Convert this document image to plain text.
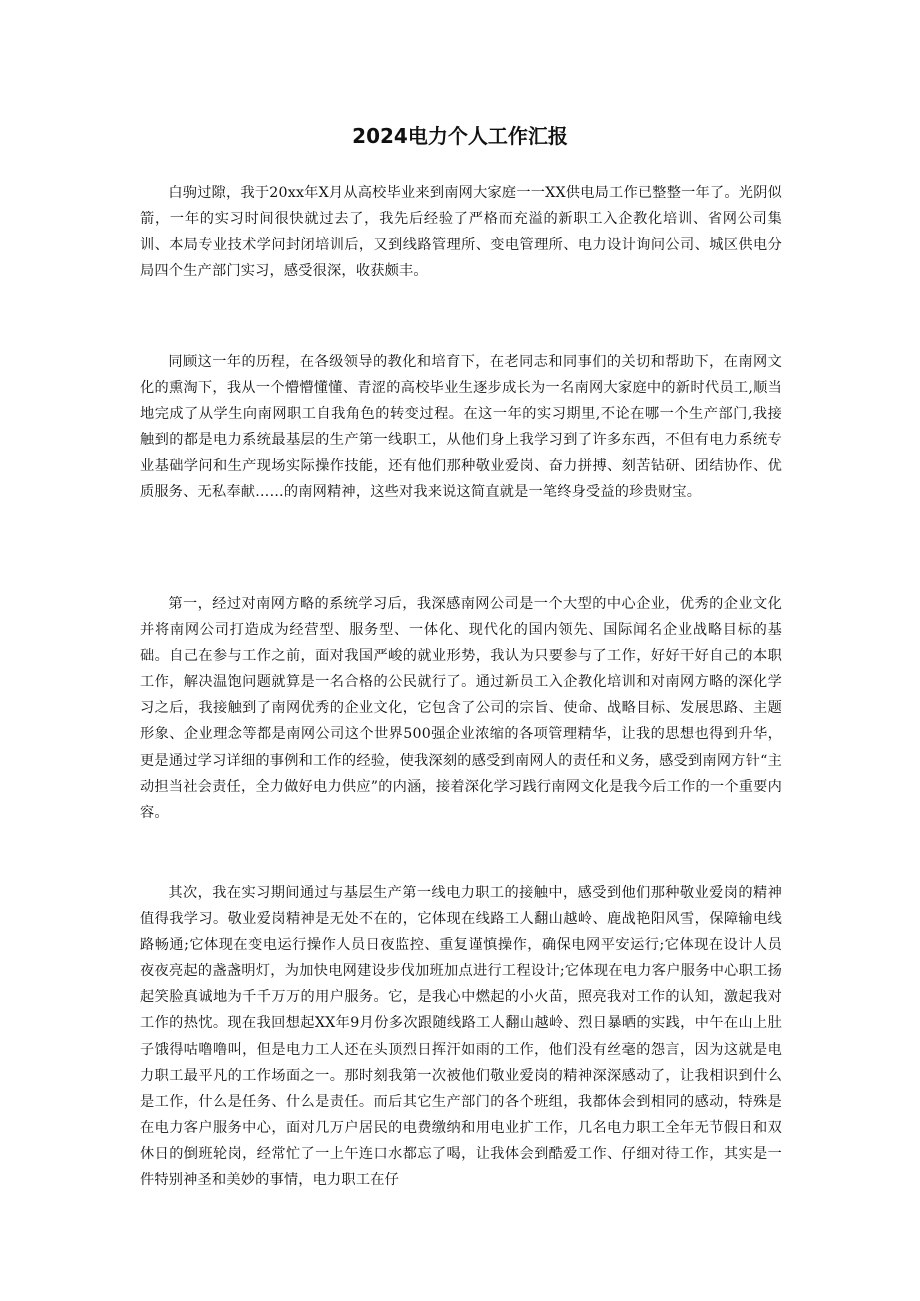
2024电力个人工作汇报

白驹过隙，我于20xx年X月从高校毕业来到南网大家庭一一XX供电局工作已整整一年了。光阴似箭，一年的实习时间很快就过去了，我先后经验了严格而充溢的新职工入企教化培训、省网公司集训、本局专业技术学问封闭培训后，又到线路管理所、变电管理所、电力设计询问公司、城区供电分局四个生产部门实习，感受很深，收获颇丰。

同顾这一年的历程，在各级领导的教化和培育下，在老同志和同事们的关切和帮助下，在南网文化的熏淘下，我从一个懵懵懂懂、青涩的高校毕业生逐步成长为一名南网大家庭中的新时代员工,顺当地完成了从学生向南网职工自我角色的转变过程。在这一年的实习期里,不论在哪一个生产部门,我接触到的都是电力系统最基层的生产第一线职工，从他们身上我学习到了许多东西，不但有电力系统专业基础学问和生产现场实际操作技能，还有他们那种敬业爱岗、奋力拼搏、刻苦钻研、团结协作、优质服务、无私奉献……的南网精神，这些对我来说这简直就是一笔终身受益的珍贵财宝。

第一，经过对南网方略的系统学习后，我深感南网公司是一个大型的中心企业，优秀的企业文化并将南网公司打造成为经营型、服务型、一体化、现代化的国内领先、国际闻名企业战略目标的基础。自己在参与工作之前，面对我国严峻的就业形势，我认为只要参与了工作，好好干好自己的本职工作，解决温饱问题就算是一名合格的公民就行了。通过新员工入企教化培训和对南网方略的深化学习之后，我接触到了南网优秀的企业文化，它包含了公司的宗旨、使命、战略目标、发展思路、主题形象、企业理念等都是南网公司这个世界500强企业浓缩的各项管理精华，让我的思想也得到升华，更是通过学习详细的事例和工作的经验，使我深刻的感受到南网人的责任和义务，感受到南网方针“主动担当社会责任，全力做好电力供应”的内涵，接着深化学习践行南网文化是我今后工作的一个重要内容。

其次，我在实习期间通过与基层生产第一线电力职工的接触中，感受到他们那种敬业爱岗的精神值得我学习。敬业爱岗精神是无处不在的，它体现在线路工人翻山越岭、鹿战艳阳风雪，保障输电线路畅通;它体现在变电运行操作人员日夜监控、重复谨慎操作，确保电网平安运行;它体现在设计人员夜夜亮起的盏盏明灯，为加快电网建设步伐加班加点进行工程设计;它体现在电力客户服务中心职工扬起笑脸真诚地为千千万万的用户服务。它，是我心中燃起的小火苗，照亮我对工作的认知，激起我对工作的热忱。现在我回想起XX年9月份多次跟随线路工人翻山越岭、烈日暴晒的实践，中午在山上肚子饿得咕噜噜叫，但是电力工人还在头顶烈日挥汗如雨的工作，他们没有丝毫的怨言，因为这就是电力职工最平凡的工作场面之一。那时刻我第一次被他们敬业爱岗的精神深深感动了，让我相识到什么是工作，什么是任务、什么是责任。而后其它生产部门的各个班组，我都体会到相同的感动，特殊是在电力客户服务中心，面对几万户居民的电费缴纳和用电业扩工作，几名电力职工全年无节假日和双休日的倒班轮岗，经常忙了一上午连口水都忘了喝，让我体会到酷爱工作、仔细对待工作，其实是一件特别神圣和美妙的事情，电力职工在仔
